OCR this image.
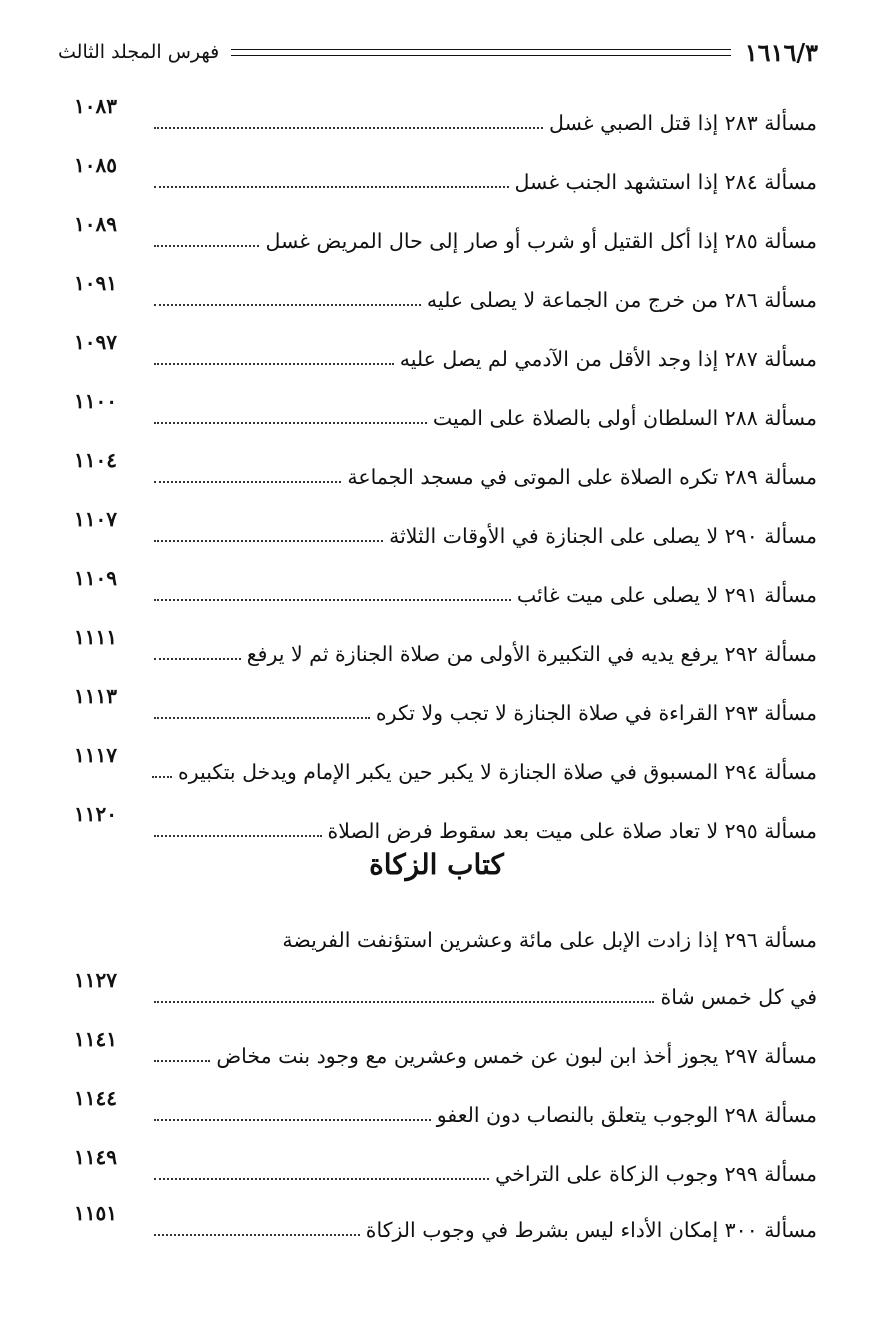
١٦١٦/٣
فهرس المجلد الثالث
مسألة ٢٨٣ إذا قتل الصبي غسل
١٠٨٣
مسألة ٢٨٤ إذا استشهد الجنب غسل
١٠٨٥
مسألة ٢٨٥ إذا أكل القتيل أو شرب أو صار إلى حال المريض غسل
١٠٨٩
مسألة ٢٨٦ من خرج من الجماعة لا يصلى عليه
١٠٩١
مسألة ٢٨٧ إذا وجد الأقل من الآدمي لم يصل عليه
١٠٩٧
مسألة ٢٨٨ السلطان أولى بالصلاة على الميت
١١٠٠
مسألة ٢٨٩ تكره الصلاة على الموتى في مسجد الجماعة
١١٠٤
مسألة ٢٩٠ لا يصلى على الجنازة في الأوقات الثلاثة
١١٠٧
مسألة ٢٩١ لا يصلى على ميت غائب
١١٠٩
مسألة ٢٩٢ يرفع يديه في التكبيرة الأولى من صلاة الجنازة ثم لا يرفع
١١١١
مسألة ٢٩٣ القراءة في صلاة الجنازة لا تجب ولا تكره
١١١٣
مسألة ٢٩٤ المسبوق في صلاة الجنازة لا يكبر حين يكبر الإمام ويدخل بتكبيره
١١١٧
مسألة ٢٩٥ لا تعاد صلاة على ميت بعد سقوط فرض الصلاة
١١٢٠
كتاب الزكاة
مسألة ٢٩٦ إذا زادت الإبل على مائة وعشرين استؤنفت الفريضة
في كل خمس شاة
١١٢٧
مسألة ٢٩٧ يجوز أخذ ابن لبون عن خمس وعشرين مع وجود بنت مخاض
١١٤١
مسألة ٢٩٨ الوجوب يتعلق بالنصاب دون العفو
١١٤٤
مسألة ٢٩٩ وجوب الزكاة على التراخي
١١٤٩
مسألة ٣٠٠ إمكان الأداء ليس بشرط في وجوب الزكاة
١١٥١
